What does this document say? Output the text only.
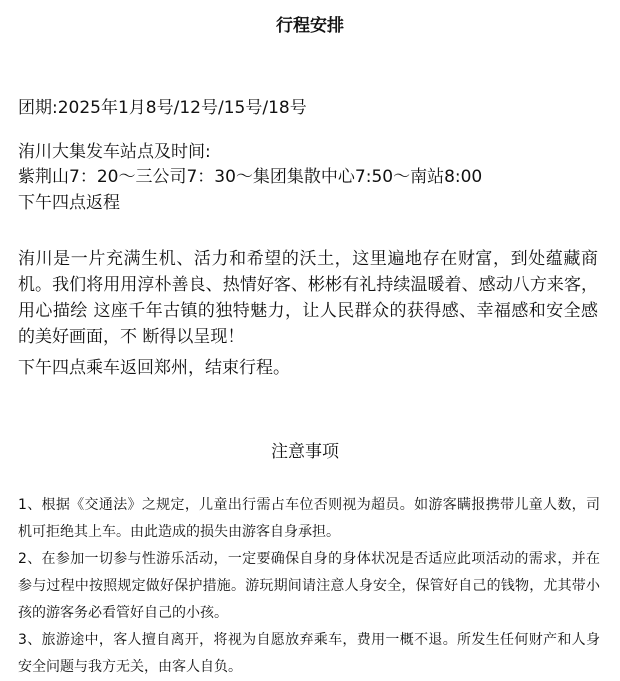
行程安排
团期:2025年1月8号/12号/15号/18号
洧川大集发车站点及时间:
紫荆山7：20～三公司7：30～集团集散中心7:50～南站8:00
下午四点返程
洧川是一片充满生机、活力和希望的沃土，这里遍地存在财富，到处蕴藏商机。我们将用用淳朴善良、热情好客、彬彬有礼持续温暖着、感动八方来客，用心描绘 这座千年古镇的独特魅力，让人民群众的获得感、幸福感和安全感的美好画面，不 断得以呈现！
下午四点乘车返回郑州，结束行程。
注意事项

1、根据《交通法》之规定，儿童出行需占车位否则视为超员。如游客瞒报携带儿童人数，司机可拒绝其上车。由此造成的损失由游客自身承担。

2、在参加一切参与性游乐活动，一定要确保自身的身体状况是否适应此项活动的需求，并在参与过程中按照规定做好保护措施。游玩期间请注意人身安全，保管好自己的钱物，尤其带小孩的游客务必看管好自己的小孩。

3、旅游途中，客人擅自离开，将视为自愿放弃乘车，费用一概不退。所发生任何财产和人身安全问题与我方无关，由客人自负。
